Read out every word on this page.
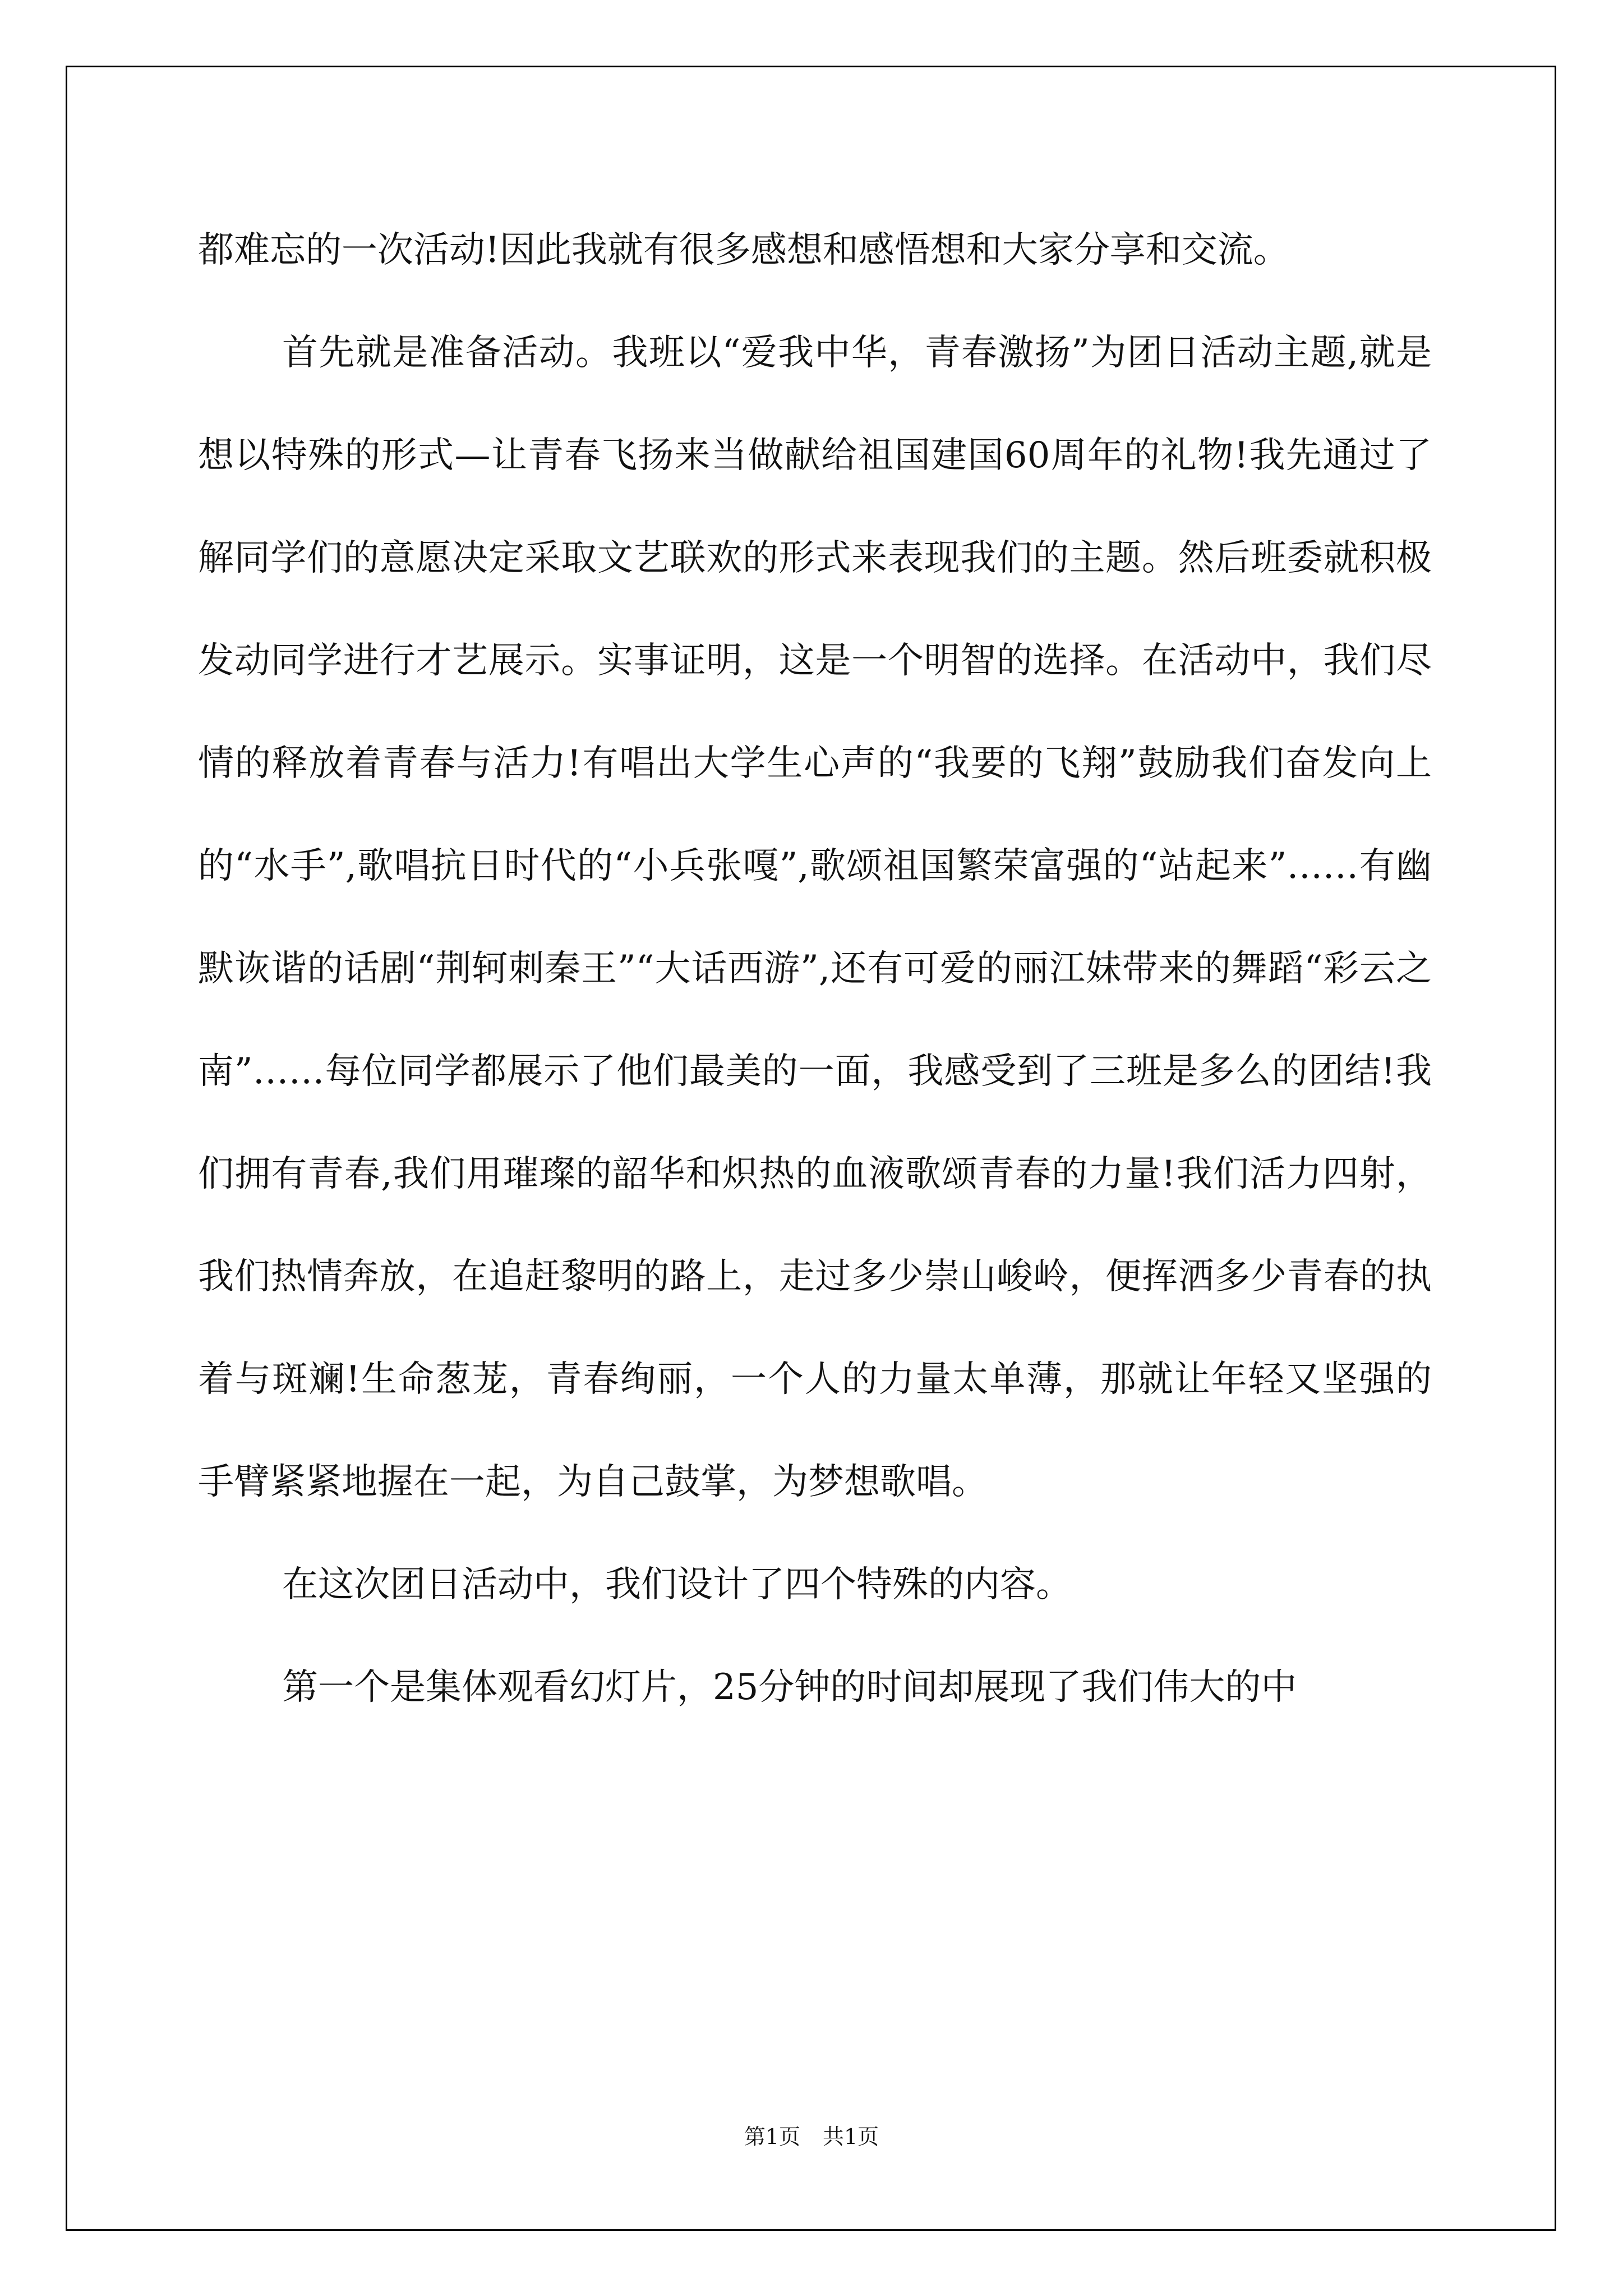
都难忘的一次活动!因此我就有很多感想和感悟想和大家分享和交流。

首先就是准备活动。我班以“爱我中华，青春激扬”为团日活动主题,就是想以特殊的形式—让青春飞扬来当做献给祖国建国60周年的礼物!我先通过了解同学们的意愿决定采取文艺联欢的形式来表现我们的主题。然后班委就积极发动同学进行才艺展示。实事证明，这是一个明智的选择。在活动中，我们尽情的释放着青春与活力!有唱出大学生心声的“我要的飞翔”鼓励我们奋发向上的“水手”,歌唱抗日时代的“小兵张嘎”,歌颂祖国繁荣富强的“站起来”……有幽默诙谐的话剧“荆轲刺秦王”“大话西游”,还有可爱的丽江妹带来的舞蹈“彩云之南”……每位同学都展示了他们最美的一面，我感受到了三班是多么的团结!我们拥有青春,我们用璀璨的韶华和炽热的血液歌颂青春的力量!我们活力四射，我们热情奔放，在追赶黎明的路上，走过多少崇山峻岭，便挥洒多少青春的执着与斑斓!生命葱茏，青春绚丽，一个人的力量太单薄，那就让年轻又坚强的手臂紧紧地握在一起，为自己鼓掌，为梦想歌唱。

在这次团日活动中，我们设计了四个特殊的内容。

第一个是集体观看幻灯片，25分钟的时间却展现了我们伟大的中

第1页 共1页
